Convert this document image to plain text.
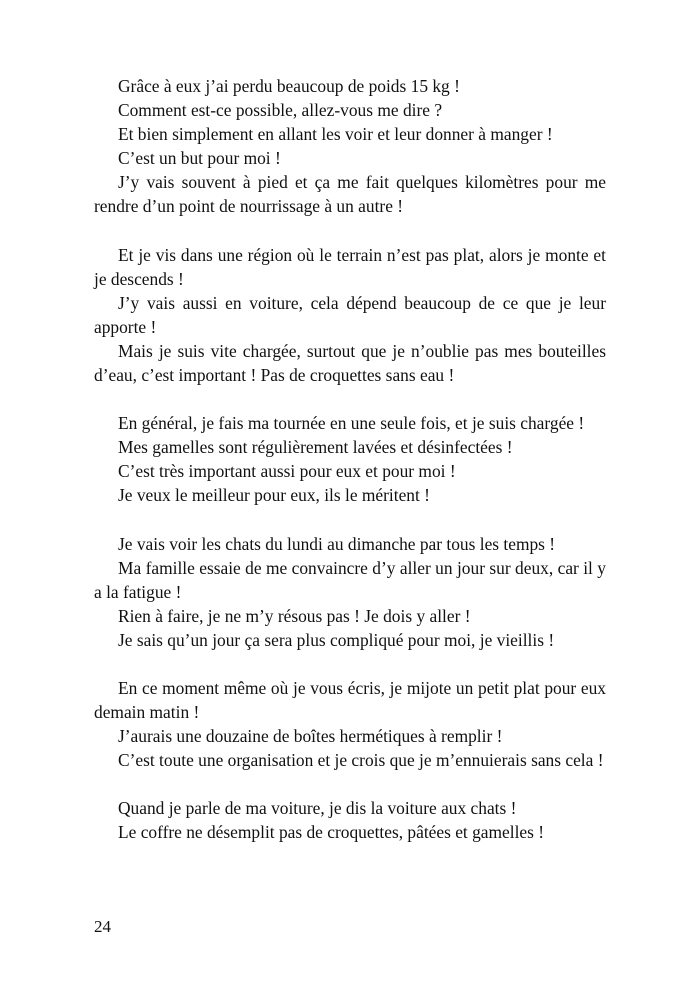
Grâce à eux j’ai perdu beaucoup de poids 15 kg !

Comment est-ce possible, allez-vous me dire ?

Et bien simplement en allant les voir et leur donner à manger !

C’est un but pour moi !

J’y vais souvent à pied et ça me fait quelques kilomètres pour me rendre d’un point de nourrissage à un autre !

Et je vis dans une région où le terrain n’est pas plat, alors je monte et je descends !

J’y vais aussi en voiture, cela dépend beaucoup de ce que je leur apporte !

Mais je suis vite chargée, surtout que je n’oublie pas mes bouteilles d’eau, c’est important ! Pas de croquettes sans eau !

En général, je fais ma tournée en une seule fois, et je suis chargée !

Mes gamelles sont régulièrement lavées et désinfectées !

C’est très important aussi pour eux et pour moi !

Je veux le meilleur pour eux, ils le méritent !

Je vais voir les chats du lundi au dimanche par tous les temps !

Ma famille essaie de me convaincre d’y aller un jour sur deux, car il y a la fatigue !

Rien à faire, je ne m’y résous pas ! Je dois y aller !

Je sais qu’un jour ça sera plus compliqué pour moi, je vieillis !

En ce moment même où je vous écris, je mijote un petit plat pour eux demain matin !

J’aurais une douzaine de boîtes hermétiques à remplir !

C’est toute une organisation et je crois que je m’ennuierais sans cela !

Quand je parle de ma voiture, je dis la voiture aux chats !

Le coffre ne désemplit pas de croquettes, pâtées et gamelles !

24
